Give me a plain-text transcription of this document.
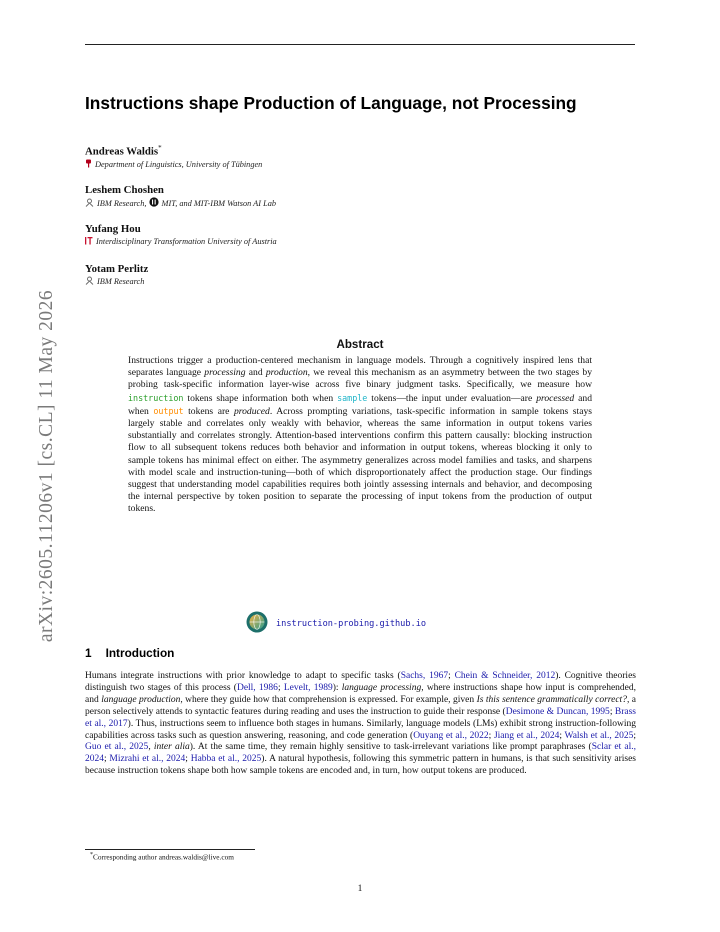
arXiv:2605.11206v1 [cs.CL] 11 May 2026
Instructions shape Production of Language, not Processing
Andreas Waldis*
Department of Linguistics, University of Tübingen
Leshem Choshen
IBM Research, MIT, and MIT-IBM Watson AI Lab
Yufang Hou
Interdisciplinary Transformation University of Austria
Yotam Perlitz
IBM Research
Abstract
Instructions trigger a production-centered mechanism in language models. Through a cognitively inspired lens that separates language processing and production, we reveal this mechanism as an asymmetry between the two stages by probing task-specific information layer-wise across five binary judgment tasks. Specifically, we measure how instruction tokens shape information both when sample tokens—the input under evaluation—are processed and when output tokens are produced. Across prompting variations, task-specific information in sample tokens stays largely stable and correlates only weakly with behavior, whereas the same information in output tokens varies substantially and correlates strongly. Attention-based interventions confirm this pattern causally: blocking instruction flow to all subsequent tokens reduces both behavior and information in output tokens, whereas blocking it only to sample tokens has minimal effect on either. The asymmetry generalizes across model families and tasks, and sharpens with model scale and instruction-tuning—both of which disproportionately affect the production stage. Our findings suggest that understanding model capabilities requires both jointly assessing internals and behavior, and decomposing the internal perspective by token position to separate the processing of input tokens from the production of output tokens.
instruction-probing.github.io
1 Introduction
Humans integrate instructions with prior knowledge to adapt to specific tasks (Sachs, 1967; Chein & Schneider, 2012). Cognitive theories distinguish two stages of this process (Dell, 1986; Levelt, 1989): language processing, where instructions shape how input is comprehended, and language production, where they guide how that comprehension is expressed. For example, given Is this sentence grammatically correct?, a person selectively attends to syntactic features during reading and uses the instruction to guide their response (Desimone & Duncan, 1995; Brass et al., 2017). Thus, instructions seem to influence both stages in humans. Similarly, language models (LMs) exhibit strong instruction-following capabilities across tasks such as question answering, reasoning, and code generation (Ouyang et al., 2022; Jiang et al., 2024; Walsh et al., 2025; Guo et al., 2025, inter alia). At the same time, they remain highly sensitive to task-irrelevant variations like prompt paraphrases (Sclar et al., 2024; Mizrahi et al., 2024; Habba et al., 2025). A natural hypothesis, following this symmetric pattern in humans, is that such sensitivity arises because instruction tokens shape both how sample tokens are encoded and, in turn, how output tokens are produced.
*Corresponding author andreas.waldis@live.com
1
